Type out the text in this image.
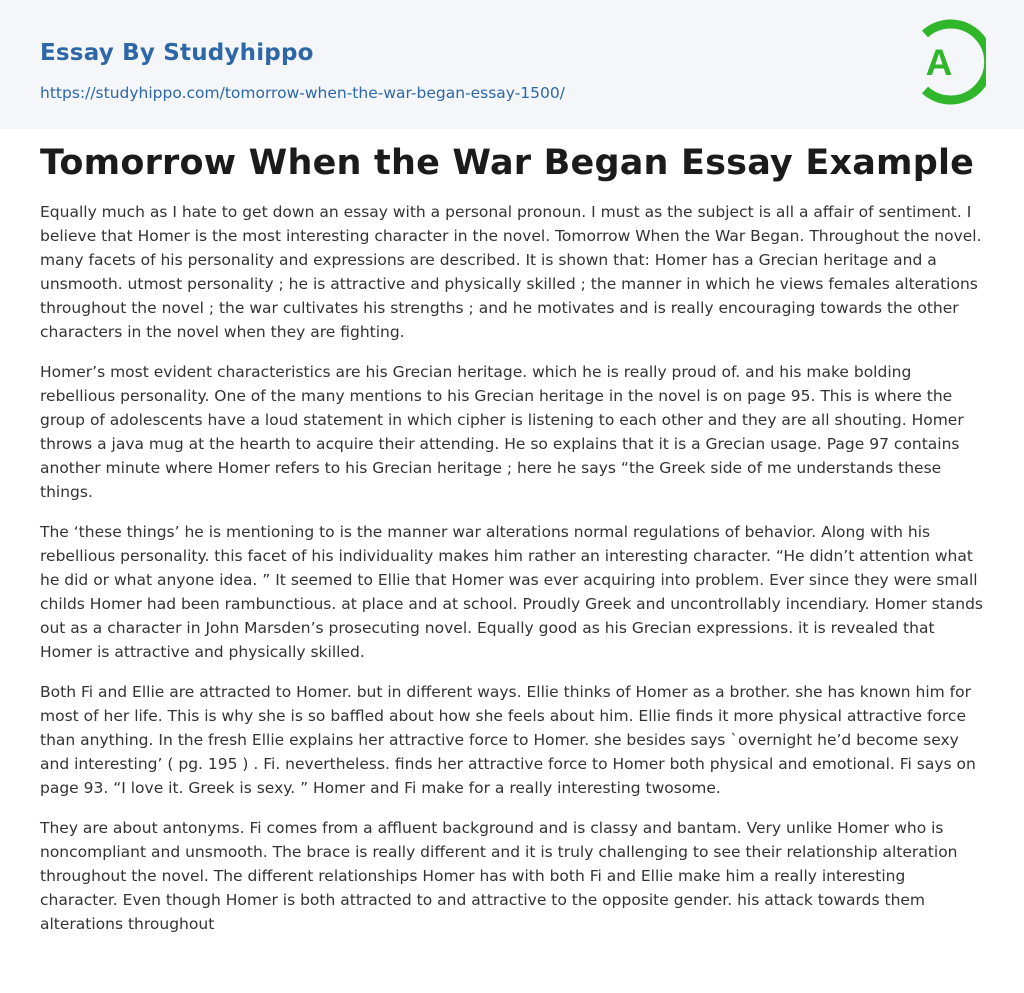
Essay By Studyhippo
https://studyhippo.com/tomorrow-when-the-war-began-essay-1500/
A
Tomorrow When the War Began Essay Example

Equally much as I hate to get down an essay with a personal pronoun. I must as the subject is all a affair of sentiment. I believe that Homer is the most interesting character in the novel. Tomorrow When the War Began. Throughout the novel. many facets of his personality and expressions are described. It is shown that: Homer has a Grecian heritage and a unsmooth. utmost personality ; he is attractive and physically skilled ; the manner in which he views females alterations throughout the novel ; the war cultivates his strengths ; and he motivates and is really encouraging towards the other characters in the novel when they are fighting.

Homer’s most evident characteristics are his Grecian heritage. which he is really proud of. and his make bolding rebellious personality. One of the many mentions to his Grecian heritage in the novel is on page 95. This is where the group of adolescents have a loud statement in which cipher is listening to each other and they are all shouting. Homer throws a java mug at the hearth to acquire their attending. He so explains that it is a Grecian usage. Page 97 contains another minute where Homer refers to his Grecian heritage ; here he says “the Greek side of me understands these things.

The ‘these things’ he is mentioning to is the manner war alterations normal regulations of behavior. Along with his rebellious personality. this facet of his individuality makes him rather an interesting character. “He didn’t attention what he did or what anyone idea. ” It seemed to Ellie that Homer was ever acquiring into problem. Ever since they were small childs Homer had been rambunctious. at place and at school. Proudly Greek and uncontrollably incendiary. Homer stands out as a character in John Marsden’s prosecuting novel. Equally good as his Grecian expressions. it is revealed that Homer is attractive and physically skilled.

Both Fi and Ellie are attracted to Homer. but in different ways. Ellie thinks of Homer as a brother. she has known him for most of her life. This is why she is so baffled about how she feels about him. Ellie finds it more physical attractive force than anything. In the fresh Ellie explains her attractive force to Homer. she besides says `overnight he’d become sexy and interesting’ ( pg. 195 ) . Fi. nevertheless. finds her attractive force to Homer both physical and emotional. Fi says on page 93. “I love it. Greek is sexy. ” Homer and Fi make for a really interesting twosome.

They are about antonyms. Fi comes from a affluent background and is classy and bantam. Very unlike Homer who is noncompliant and unsmooth. The brace is really different and it is truly challenging to see their relationship alteration throughout the novel. The different relationships Homer has with both Fi and Ellie make him a really interesting character. Even though Homer is both attracted to and attractive to the opposite gender. his attack towards them alterations throughout
